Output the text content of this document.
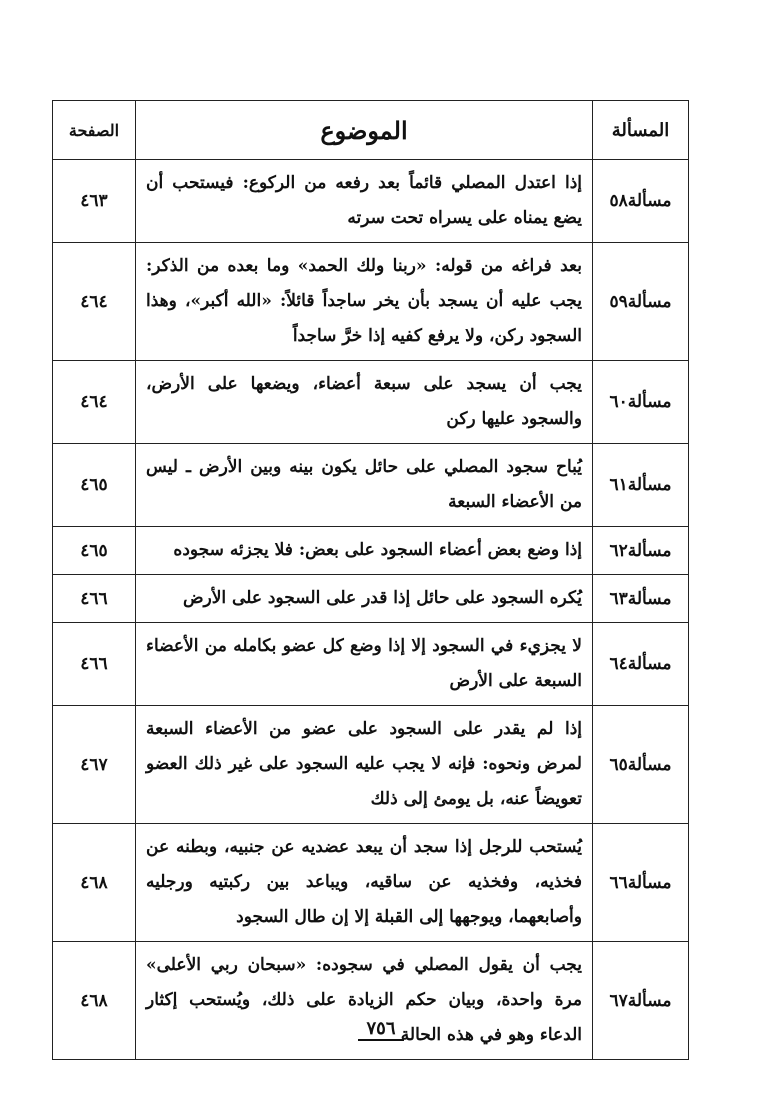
المسألة	الموضوع	الصفحة
مسألة٥٨	إذا اعتدل المصلي قائماً بعد رفعه من الركوع: فيستحب أن يضع يمناه على يسراه تحت سرته	٤٦٣
مسألة٥٩	بعد فراغه من قوله: «ربنا ولك الحمد» وما بعده من الذكر: يجب عليه أن يسجد بأن يخر ساجداً قائلاً: «الله أكبر»، وهذا السجود ركن، ولا يرفع كفيه إذا خرَّ ساجداً	٤٦٤
مسألة٦٠	يجب أن يسجد على سبعة أعضاء، ويضعها على الأرض، والسجود عليها ركن	٤٦٤
مسألة٦١	يُباح سجود المصلي على حائل يكون بينه وبين الأرض ـ ليس من الأعضاء السبعة	٤٦٥
مسألة٦٢	إذا وضع بعض أعضاء السجود على بعض: فلا يجزئه سجوده	٤٦٥
مسألة٦٣	يُكره السجود على حائل إذا قدر على السجود على الأرض	٤٦٦
مسألة٦٤	لا يجزيء في السجود إلا إذا وضع كل عضو بكامله من الأعضاء السبعة على الأرض	٤٦٦
مسألة٦٥	إذا لم يقدر على السجود على عضو من الأعضاء السبعة لمرض ونحوه: فإنه لا يجب عليه السجود على غير ذلك العضو تعويضاً عنه، بل يومئ إلى ذلك	٤٦٧
مسألة٦٦	يُستحب للرجل إذا سجد أن يبعد عضديه عن جنبيه، وبطنه عن فخذيه، وفخذيه عن ساقيه، ويباعد بين ركبتيه ورجليه وأصابعهما، ويوجهها إلى القبلة إلا إن طال السجود	٤٦٨
مسألة٦٧	يجب أن يقول المصلي في سجوده: «سبحان ربي الأعلى» مرة واحدة، وبيان حكم الزيادة على ذلك، ويُستحب إكثار الدعاء وهو في هذه الحالة	٤٦٨
٧٥٦
